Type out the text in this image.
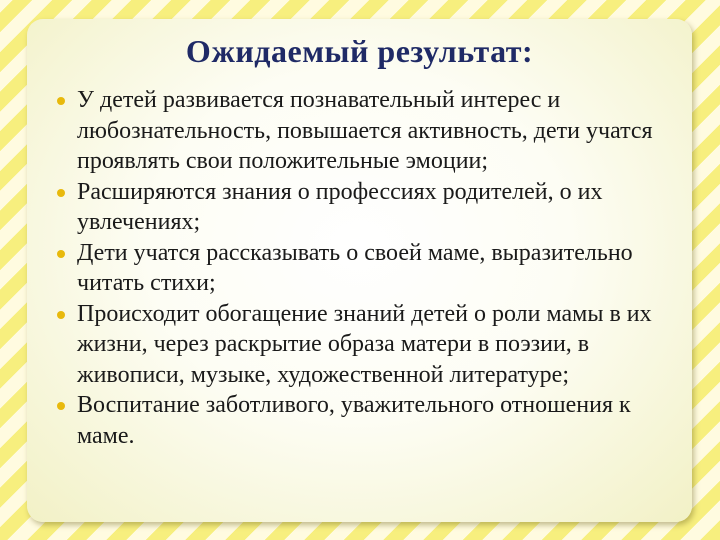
Ожидаемый результат:
У детей развивается познавательный интерес и любознательность, повышается активность, дети учатся проявлять свои положительные эмоции;
Расширяются знания о профессиях родителей, о их увлечениях;
Дети учатся рассказывать о своей маме, выразительно читать стихи;
Происходит обогащение знаний детей о роли мамы в их жизни, через раскрытие образа матери в поэзии, в живописи, музыке, художественной литературе;
Воспитание заботливого, уважительного отношения к маме.
